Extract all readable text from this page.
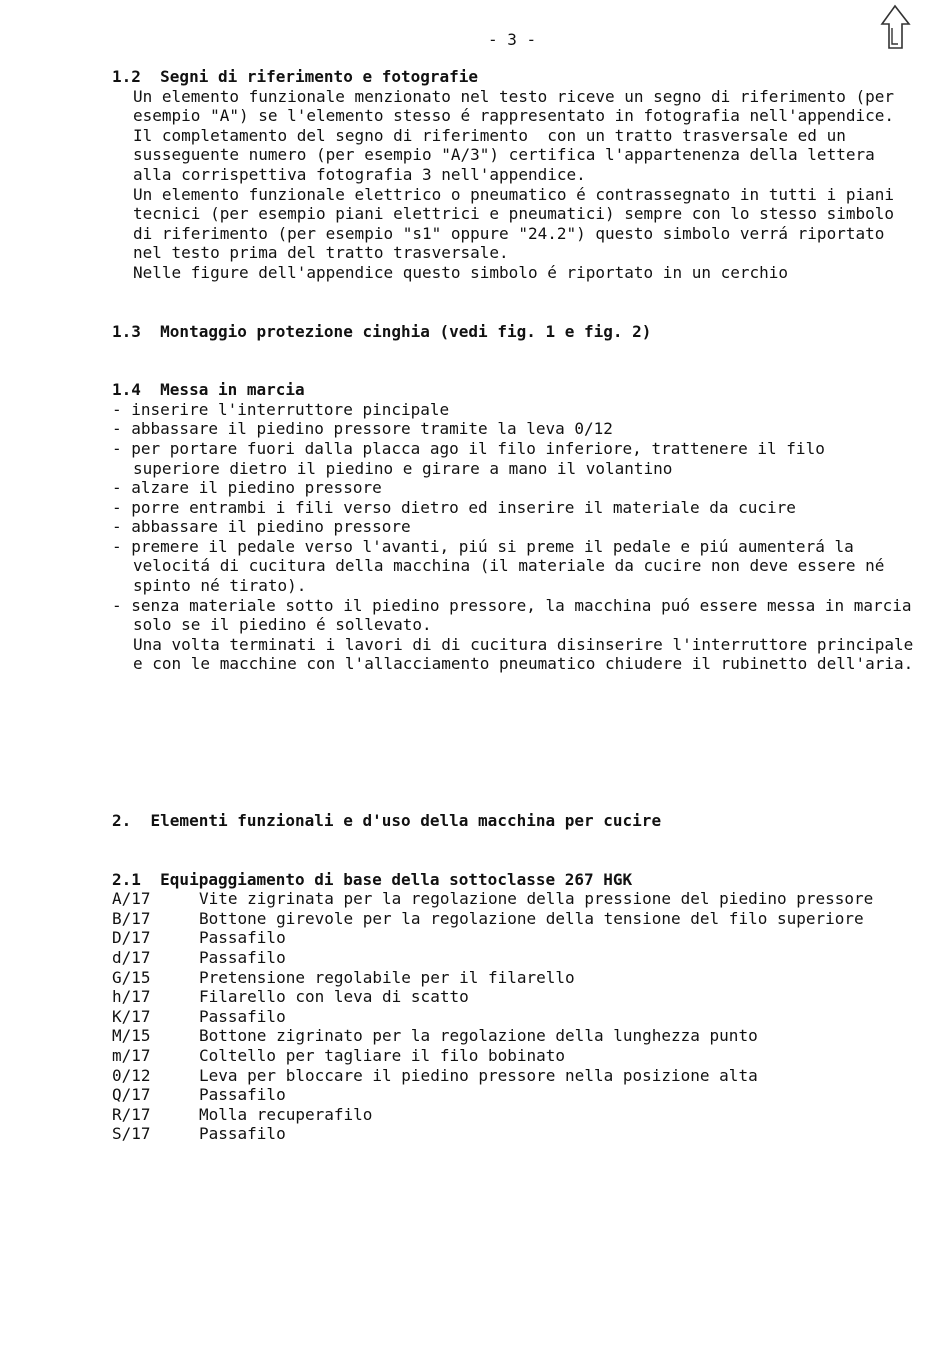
- 3 -
1.2  Segni di riferimento e fotografie
Un elemento funzionale menzionato nel testo riceve un segno di riferimento (per
esempio "A") se l'elemento stesso é rappresentato in fotografia nell'appendice.
Il completamento del segno di riferimento  con un tratto trasversale ed un
susseguente numero (per esempio "A/3") certifica l'appartenenza della lettera
alla corrispettiva fotografia 3 nell'appendice.
Un elemento funzionale elettrico o pneumatico é contrassegnato in tutti i piani
tecnici (per esempio piani elettrici e pneumatici) sempre con lo stesso simbolo
di riferimento (per esempio "s1" oppure "24.2") questo simbolo verrá riportato
nel testo prima del tratto trasversale.
Nelle figure dell'appendice questo simbolo é riportato in un cerchio
1.3  Montaggio protezione cinghia (vedi fig. 1 e fig. 2)
1.4  Messa in marcia
- inserire l'interruttore pincipale
- abbassare il piedino pressore tramite la leva 0/12
- per portare fuori dalla placca ago il filo inferiore, trattenere il filo
superiore dietro il piedino e girare a mano il volantino
- alzare il piedino pressore
- porre entrambi i fili verso dietro ed inserire il materiale da cucire
- abbassare il piedino pressore
- premere il pedale verso l'avanti, piú si preme il pedale e piú aumenterá la
velocitá di cucitura della macchina (il materiale da cucire non deve essere né
spinto né tirato).
- senza materiale sotto il piedino pressore, la macchina puó essere messa in marcia
solo se il piedino é sollevato.
Una volta terminati i lavori di di cucitura disinserire l'interruttore principale
e con le macchine con l'allacciamento pneumatico chiudere il rubinetto dell'aria.
2.  Elementi funzionali e d'uso della macchina per cucire
2.1  Equipaggiamento di base della sottoclasse 267 HGK
A/17	Vite zigrinata per la regolazione della pressione del piedino pressore
B/17	Bottone girevole per la regolazione della tensione del filo superiore
D/17	Passafilo
d/17	Passafilo
G/15	Pretensione regolabile per il filarello
h/17	Filarello con leva di scatto
K/17	Passafilo
M/15	Bottone zigrinato per la regolazione della lunghezza punto
m/17	Coltello per tagliare il filo bobinato
0/12	Leva per bloccare il piedino pressore nella posizione alta
Q/17	Passafilo
R/17	Molla recuperafilo
S/17	Passafilo
